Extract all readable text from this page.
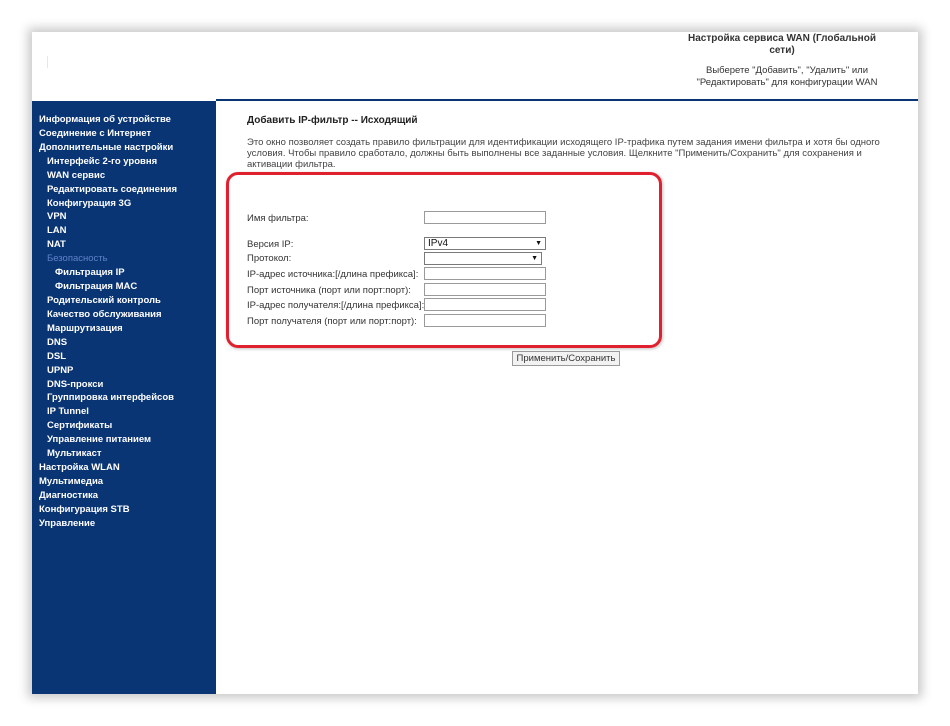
Настройка сервиса WAN (Глобальной сети)
Выберете "Добавить", "Удалить" или "Редактировать" для конфигурации WAN
Информация об устройстве
Соединение с Интернет
Дополнительные настройки
Интерфейс 2-го уровня
WAN сервис
Редактировать соединения
Конфигурация 3G
VPN
LAN
NAT
Безопасность
Фильтрация IP
Фильтрация MAC
Родительский контроль
Качество обслуживания
Маршрутизация
DNS
DSL
UPNP
DNS-прокси
Группировка интерфейсов
IP Tunnel
Сертификаты
Управление питанием
Мультикаст
Настройка WLAN
Мультимедиа
Диагностика
Конфигурация STB
Управление
Добавить IP-фильтр -- Исходящий
Это окно позволяет создать правило фильтрации для идентификации исходящего IP-трафика путем задания имени фильтра и хотя бы одного условия. Чтобы правило сработало, должны быть выполнены все заданные условия. Щелкните "Применить/Сохранить" для сохранения и активации фильтра.
Имя фильтра:
Версия IP:	IPv4	▼
Протокол:	▼
IP-адрес источника:[/длина префикса]:
Порт источника (порт или порт:порт):
IP-адрес получателя:[/длина префикса]:
Порт получателя (порт или порт:порт):
Применить/Сохранить
